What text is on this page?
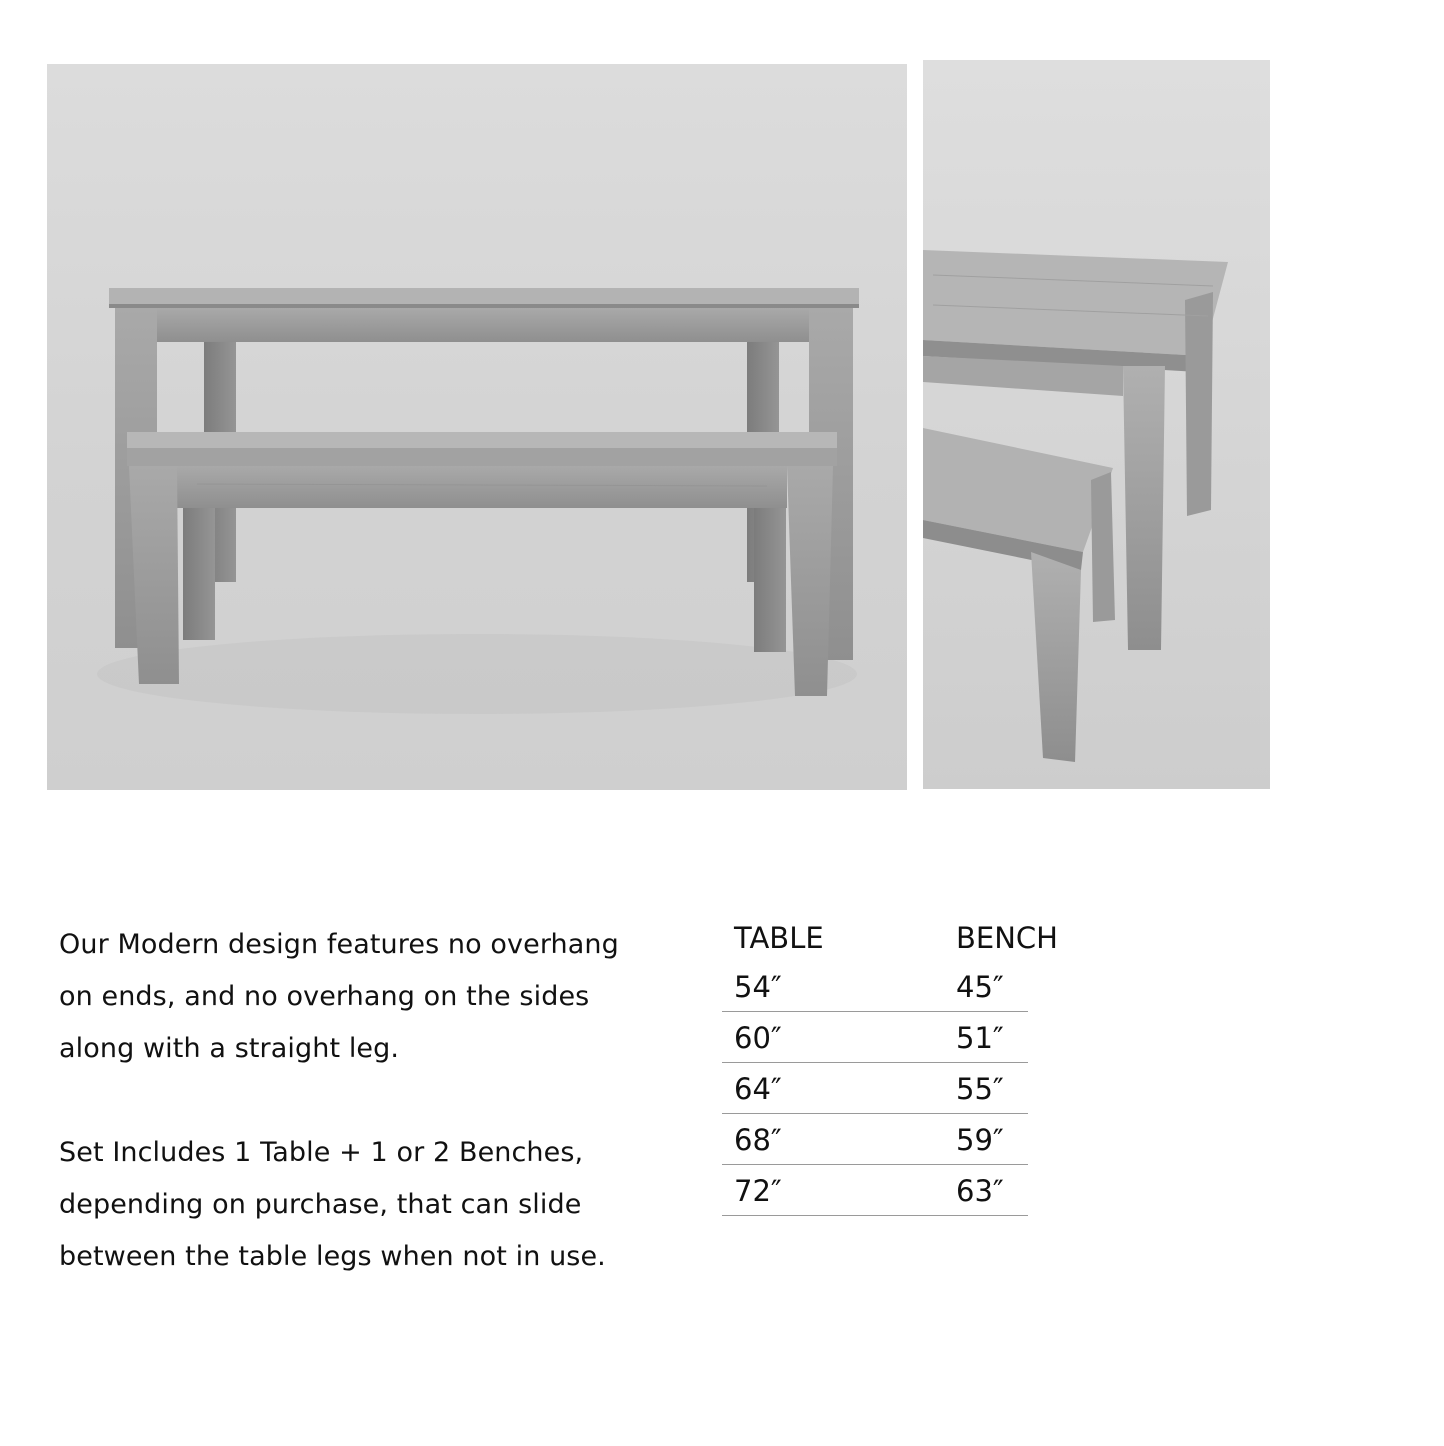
Our Modern design features no overhang on ends, and no overhang on the sides along with a straight leg.

Set Includes 1 Table + 1 or 2 Benches, depending on purchase, that can slide between the table legs when not in use.

TABLE	BENCH
54″	45″
60″	51″
64″	55″
68″	59″
72″	63″
